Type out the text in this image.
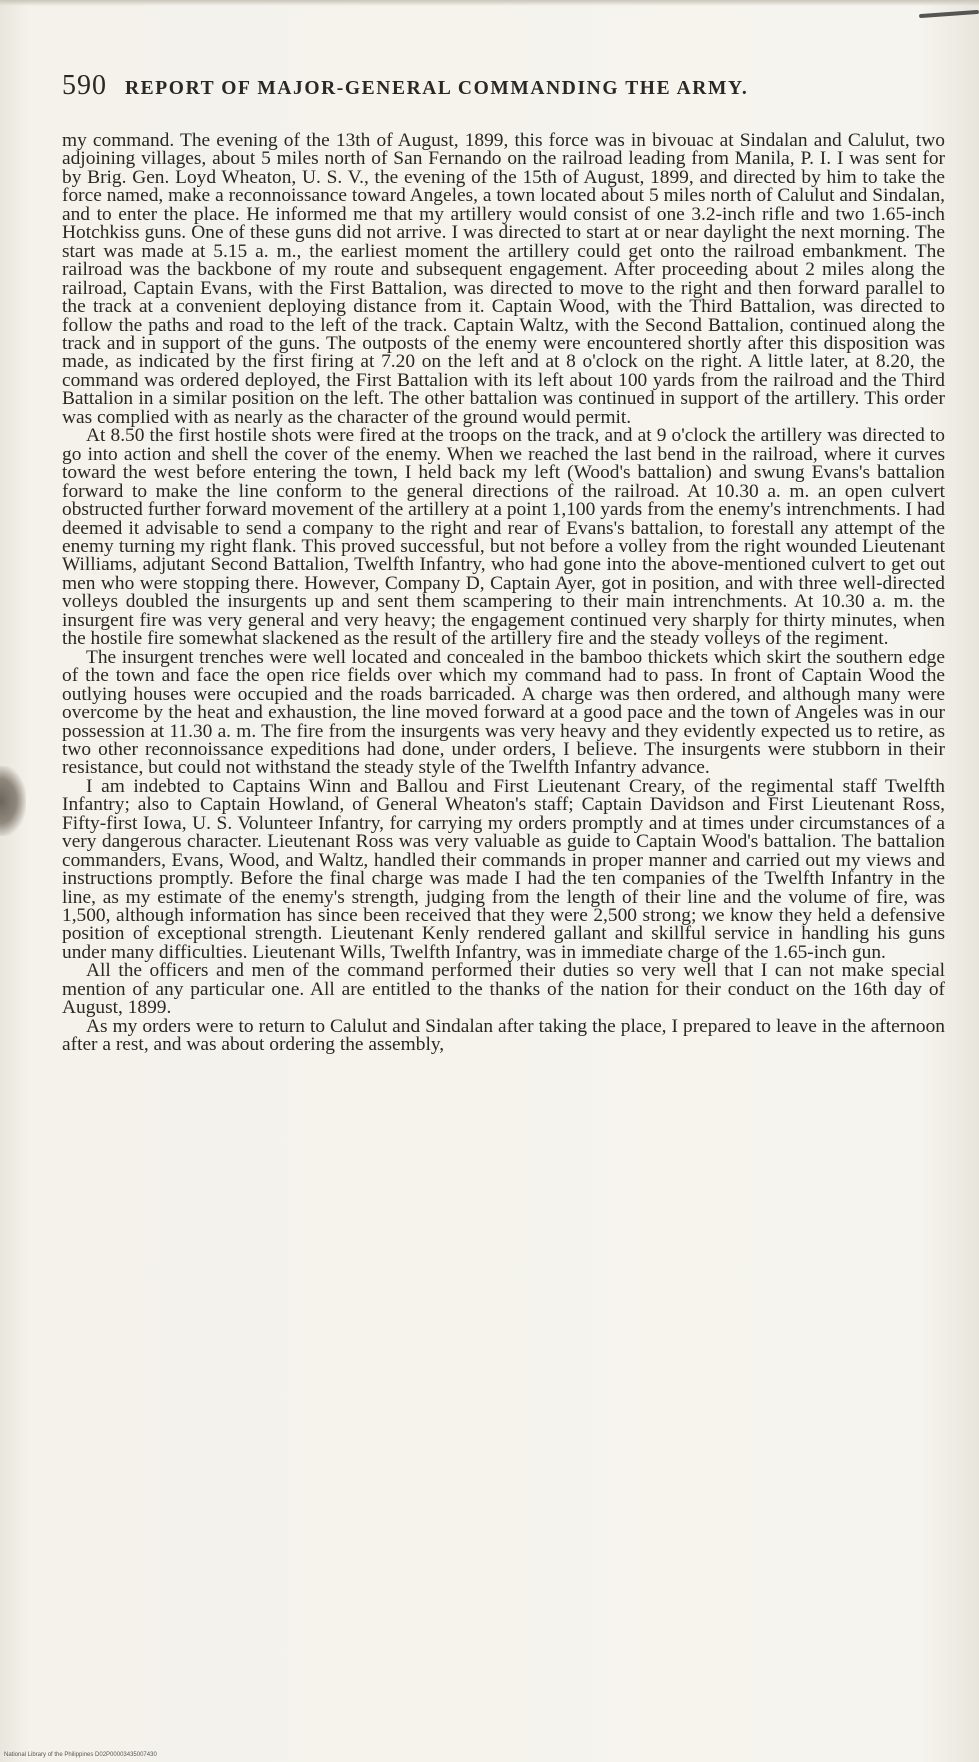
590 REPORT OF MAJOR-GENERAL COMMANDING THE ARMY.

my command. The evening of the 13th of August, 1899, this force was in bivouac at Sindalan and Calulut, two adjoining villages, about 5 miles north of San Fernando on the railroad leading from Manila, P. I. I was sent for by Brig. Gen. Loyd Wheaton, U. S. V., the evening of the 15th of August, 1899, and directed by him to take the force named, make a reconnoissance toward Angeles, a town located about 5 miles north of Calulut and Sindalan, and to enter the place. He informed me that my artillery would consist of one 3.2-inch rifle and two 1.65-inch Hotchkiss guns. One of these guns did not arrive. I was directed to start at or near daylight the next morning. The start was made at 5.15 a. m., the earliest moment the artillery could get onto the railroad embankment. The railroad was the backbone of my route and subsequent engagement. After proceeding about 2 miles along the railroad, Captain Evans, with the First Battalion, was directed to move to the right and then forward parallel to the track at a convenient deploying distance from it. Captain Wood, with the Third Battalion, was directed to follow the paths and road to the left of the track. Captain Waltz, with the Second Battalion, continued along the track and in support of the guns. The outposts of the enemy were encountered shortly after this disposition was made, as indicated by the first firing at 7.20 on the left and at 8 o'clock on the right. A little later, at 8.20, the command was ordered deployed, the First Battalion with its left about 100 yards from the railroad and the Third Battalion in a similar position on the left. The other battalion was continued in support of the artillery. This order was complied with as nearly as the character of the ground would permit.

At 8.50 the first hostile shots were fired at the troops on the track, and at 9 o'clock the artillery was directed to go into action and shell the cover of the enemy. When we reached the last bend in the railroad, where it curves toward the west before entering the town, I held back my left (Wood's battalion) and swung Evans's battalion forward to make the line conform to the general directions of the railroad. At 10.30 a. m. an open culvert obstructed further forward movement of the artillery at a point 1,100 yards from the enemy's intrenchments. I had deemed it advisable to send a company to the right and rear of Evans's battalion, to forestall any attempt of the enemy turning my right flank. This proved successful, but not before a volley from the right wounded Lieutenant Williams, adjutant Second Battalion, Twelfth Infantry, who had gone into the above-mentioned culvert to get out men who were stopping there. However, Company D, Captain Ayer, got in position, and with three well-directed volleys doubled the insurgents up and sent them scampering to their main intrenchments. At 10.30 a. m. the insurgent fire was very general and very heavy; the engagement continued very sharply for thirty minutes, when the hostile fire somewhat slackened as the result of the artillery fire and the steady volleys of the regiment.

The insurgent trenches were well located and concealed in the bamboo thickets which skirt the southern edge of the town and face the open rice fields over which my command had to pass. In front of Captain Wood the outlying houses were occupied and the roads barricaded. A charge was then ordered, and although many were overcome by the heat and exhaustion, the line moved forward at a good pace and the town of Angeles was in our possession at 11.30 a. m. The fire from the insurgents was very heavy and they evidently expected us to retire, as two other reconnoissance expeditions had done, under orders, I believe. The insurgents were stubborn in their resistance, but could not withstand the steady style of the Twelfth Infantry advance.

I am indebted to Captains Winn and Ballou and First Lieutenant Creary, of the regimental staff Twelfth Infantry; also to Captain Howland, of General Wheaton's staff; Captain Davidson and First Lieutenant Ross, Fifty-first Iowa, U. S. Volunteer Infantry, for carrying my orders promptly and at times under circumstances of a very dangerous character. Lieutenant Ross was very valuable as guide to Captain Wood's battalion. The battalion commanders, Evans, Wood, and Waltz, handled their commands in proper manner and carried out my views and instructions promptly. Before the final charge was made I had the ten companies of the Twelfth Infantry in the line, as my estimate of the enemy's strength, judging from the length of their line and the volume of fire, was 1,500, although information has since been received that they were 2,500 strong; we know they held a defensive position of exceptional strength. Lieutenant Kenly rendered gallant and skillful service in handling his guns under many difficulties. Lieutenant Wills, Twelfth Infantry, was in immediate charge of the 1.65-inch gun.

All the officers and men of the command performed their duties so very well that I can not make special mention of any particular one. All are entitled to the thanks of the nation for their conduct on the 16th day of August, 1899.

As my orders were to return to Calulut and Sindalan after taking the place, I prepared to leave in the afternoon after a rest, and was about ordering the assembly,

National Library of the Philippines D02P00003435007430
